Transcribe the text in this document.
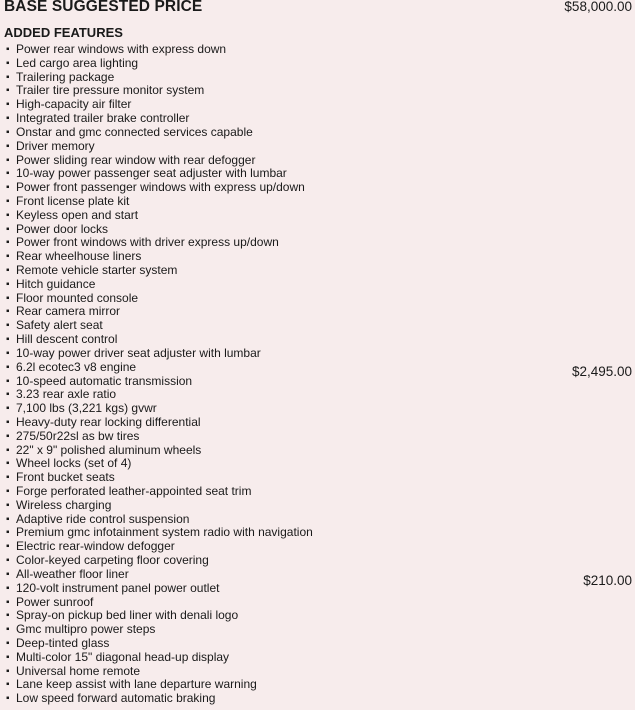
BASE SUGGESTED PRICE	$58,000.00
ADDED FEATURES
▪ Power rear windows with express down
▪ Led cargo area lighting
▪ Trailering package
▪ Trailer tire pressure monitor system
▪ High-capacity air filter
▪ Integrated trailer brake controller
▪ Onstar and gmc connected services capable
▪ Driver memory
▪ Power sliding rear window with rear defogger
▪ 10-way power passenger seat adjuster with lumbar
▪ Power front passenger windows with express up/down
▪ Front license plate kit
▪ Keyless open and start
▪ Power door locks
▪ Power front windows with driver express up/down
▪ Rear wheelhouse liners
▪ Remote vehicle starter system
▪ Hitch guidance
▪ Floor mounted console
▪ Rear camera mirror
▪ Safety alert seat
▪ Hill descent control
▪ 10-way power driver seat adjuster with lumbar
▪ 6.2l ecotec3 v8 engine
▪ 10-speed automatic transmission
▪ 3.23 rear axle ratio
▪ 7,100 lbs (3,221 kgs) gvwr
▪ Heavy-duty rear locking differential
▪ 275/50r22sl as bw tires
▪ 22" x 9" polished aluminum wheels
▪ Wheel locks (set of 4)
▪ Front bucket seats
▪ Forge perforated leather-appointed seat trim
▪ Wireless charging
▪ Adaptive ride control suspension
▪ Premium gmc infotainment system radio with navigation
▪ Electric rear-window defogger
▪ Color-keyed carpeting floor covering
▪ All-weather floor liner
▪ 120-volt instrument panel power outlet
▪ Power sunroof
▪ Spray-on pickup bed liner with denali logo
▪ Gmc multipro power steps
▪ Deep-tinted glass
▪ Multi-color 15" diagonal head-up display
▪ Universal home remote
▪ Lane keep assist with lane departure warning
▪ Low speed forward automatic braking
$2,495.00
$210.00
